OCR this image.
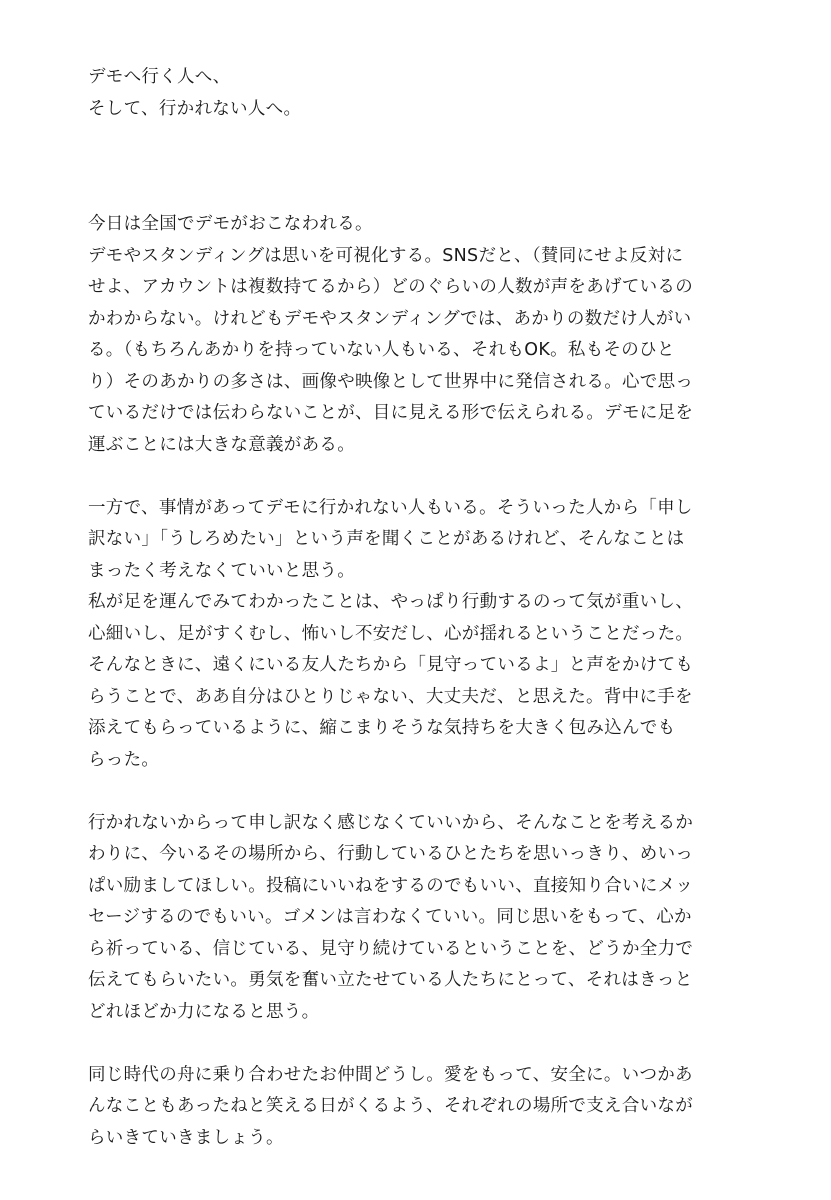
デモへ行く人へ、
そして、行かれない人へ。
今日は全国でデモがおこなわれる。
デモやスタンディングは思いを可視化する。SNSだと、（賛同にせよ反対に
せよ、アカウントは複数持てるから）どのぐらいの人数が声をあげているの
かわからない。けれどもデモやスタンディングでは、あかりの数だけ人がい
る。（もちろんあかりを持っていない人もいる、それもOK。私もそのひと
り）そのあかりの多さは、画像や映像として世界中に発信される。心で思っ
ているだけでは伝わらないことが、目に見える形で伝えられる。デモに足を
運ぶことには大きな意義がある。
一方で、事情があってデモに行かれない人もいる。そういった人から「申し
訳ない」「うしろめたい」という声を聞くことがあるけれど、そんなことは
まったく考えなくていいと思う。
私が足を運んでみてわかったことは、やっぱり行動するのって気が重いし、
心細いし、足がすくむし、怖いし不安だし、心が揺れるということだった。
そんなときに、遠くにいる友人たちから「見守っているよ」と声をかけても
らうことで、ああ自分はひとりじゃない、大丈夫だ、と思えた。背中に手を
添えてもらっているように、縮こまりそうな気持ちを大きく包み込んでも
らった。
行かれないからって申し訳なく感じなくていいから、そんなことを考えるか
わりに、今いるその場所から、行動しているひとたちを思いっきり、めいっ
ぱい励ましてほしい。投稿にいいねをするのでもいい、直接知り合いにメッ
セージするのでもいい。ゴメンは言わなくていい。同じ思いをもって、心か
ら祈っている、信じている、見守り続けているということを、どうか全力で
伝えてもらいたい。勇気を奮い立たせている人たちにとって、それはきっと
どれほどか力になると思う。
同じ時代の舟に乗り合わせたお仲間どうし。愛をもって、安全に。いつかあ
んなこともあったねと笑える日がくるよう、それぞれの場所で支え合いなが
らいきていきましょう。
